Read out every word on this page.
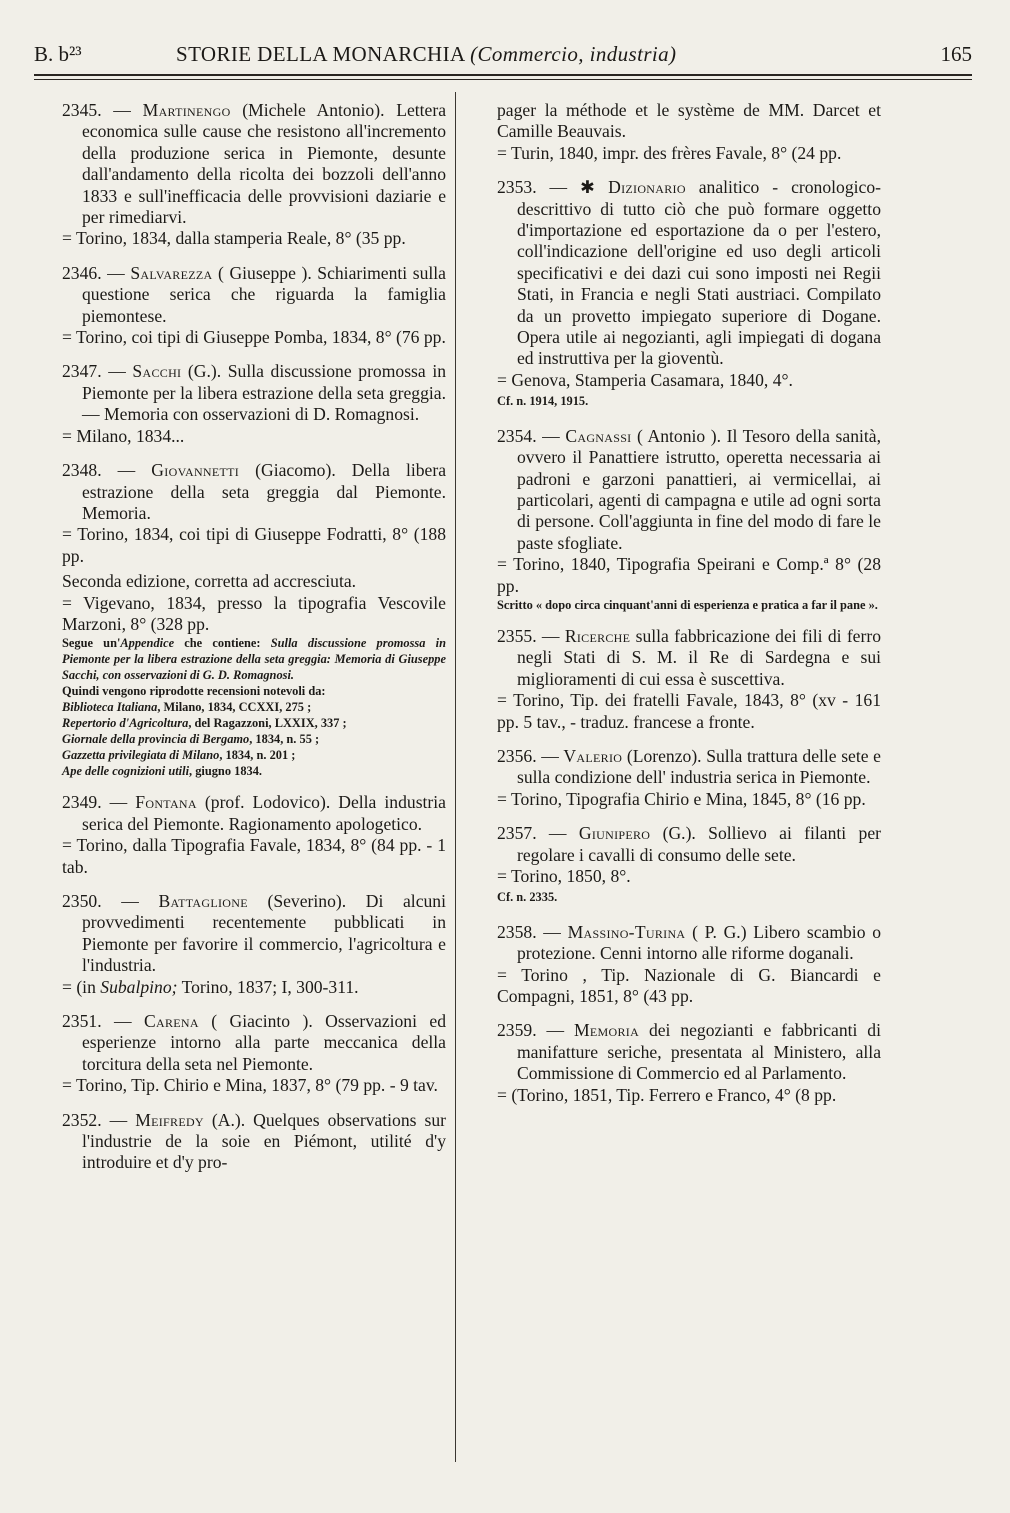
B. b²³	STORIE DELLA MONARCHIA (Commercio, industria)	165

2345. — Martinengo (Michele Antonio). Lettera economica sulle cause che resistono all'incremento della produzione serica in Piemonte, desunte dall'andamento della ricolta dei bozzoli dell'anno 1833 e sull'inefficacia delle provvisioni daziarie e per rimediarvi.

= Torino, 1834, dalla stamperia Reale, 8° (35 pp.

2346. — Salvarezza ( Giuseppe ). Schiarimenti sulla questione serica che riguarda la famiglia piemontese.

= Torino, coi tipi di Giuseppe Pomba, 1834, 8° (76 pp.

2347. — Sacchi (G.). Sulla discussione promossa in Piemonte per la libera estrazione della seta greggia. — Memoria con osservazioni di D. Romagnosi.

= Milano, 1834...

2348. — Giovannetti (Giacomo). Della libera estrazione della seta greggia dal Piemonte. Memoria.

= Torino, 1834, coi tipi di Giuseppe Fodratti, 8° (188 pp.

Seconda edizione, corretta ad accresciuta.

= Vigevano, 1834, presso la tipografia Vescovile Marzoni, 8° (328 pp.

Segue un'Appendice che contiene: Sulla discussione promossa in Piemonte per la libera estrazione della seta greggia: Memoria di Giuseppe Sacchi, con osservazioni di G. D. Romagnosi.

Quindi vengono riprodotte recensioni notevoli da:
Biblioteca Italiana, Milano, 1834, CCXXI, 275 ;
Repertorio d'Agricoltura, del Ragazzoni, LXXIX, 337 ;
Giornale della provincia di Bergamo, 1834, n. 55 ;
Gazzetta privilegiata di Milano, 1834, n. 201 ;
Ape delle cognizioni utili, giugno 1834.

2349. — Fontana (prof. Lodovico). Della industria serica del Piemonte. Ragionamento apologetico.

= Torino, dalla Tipografia Favale, 1834, 8° (84 pp. - 1 tab.

2350. — Battaglione (Severino). Di alcuni provvedimenti recentemente pubblicati in Piemonte per favorire il commercio, l'agricoltura e l'industria.

= (in Subalpino; Torino, 1837; I, 300-311.

2351. — Carena ( Giacinto ). Osservazioni ed esperienze intorno alla parte meccanica della torcitura della seta nel Piemonte.

= Torino, Tip. Chirio e Mina, 1837, 8° (79 pp. - 9 tav.

2352. — Meifredy (A.). Quelques observations sur l'industrie de la soie en Piémont, utilité d'y introduire et d'y pro-

pager la méthode et le système de MM. Darcet et Camille Beauvais.

= Turin, 1840, impr. des frères Favale, 8° (24 pp.

2353. — ✱ Dizionario analitico - cronologico-descrittivo di tutto ciò che può formare oggetto d'importazione ed esportazione da o per l'estero, coll'indicazione dell'origine ed uso degli articoli specificativi e dei dazi cui sono imposti nei Regii Stati, in Francia e negli Stati austriaci. Compilato da un provetto impiegato superiore di Dogane. Opera utile ai negozianti, agli impiegati di dogana ed instruttiva per la gioventù.

= Genova, Stamperia Casamara, 1840, 4°.

Cf. n. 1914, 1915.

2354. — Cagnassi ( Antonio ). Il Tesoro della sanità, ovvero il Panattiere istrutto, operetta necessaria ai padroni e garzoni panattieri, ai vermicellai, ai particolari, agenti di campagna e utile ad ogni sorta di persone. Coll'aggiunta in fine del modo di fare le paste sfogliate.

= Torino, 1840, Tipografia Speirani e Comp.ª 8° (28 pp.

Scritto « dopo circa cinquant'anni di esperienza e pratica a far il pane ».

2355. — Ricerche sulla fabbricazione dei fili di ferro negli Stati di S. M. il Re di Sardegna e sui miglioramenti di cui essa è suscettiva.

= Torino, Tip. dei fratelli Favale, 1843, 8° (xv - 161 pp. 5 tav., - traduz. francese a fronte.

2356. — Valerio (Lorenzo). Sulla trattura delle sete e sulla condizione dell' industria serica in Piemonte.

= Torino, Tipografia Chirio e Mina, 1845, 8° (16 pp.

2357. — Giunipero (G.). Sollievo ai filanti per regolare i cavalli di consumo delle sete.

= Torino, 1850, 8°.

Cf. n. 2335.

2358. — Massino-Turina ( P. G.) Libero scambio o protezione. Cenni intorno alle riforme doganali.

= Torino , Tip. Nazionale di G. Biancardi e Compagni, 1851, 8° (43 pp.

2359. — Memoria dei negozianti e fabbricanti di manifatture seriche, presentata al Ministero, alla Commissione di Commercio ed al Parlamento.

= (Torino, 1851, Tip. Ferrero e Franco, 4° (8 pp.
